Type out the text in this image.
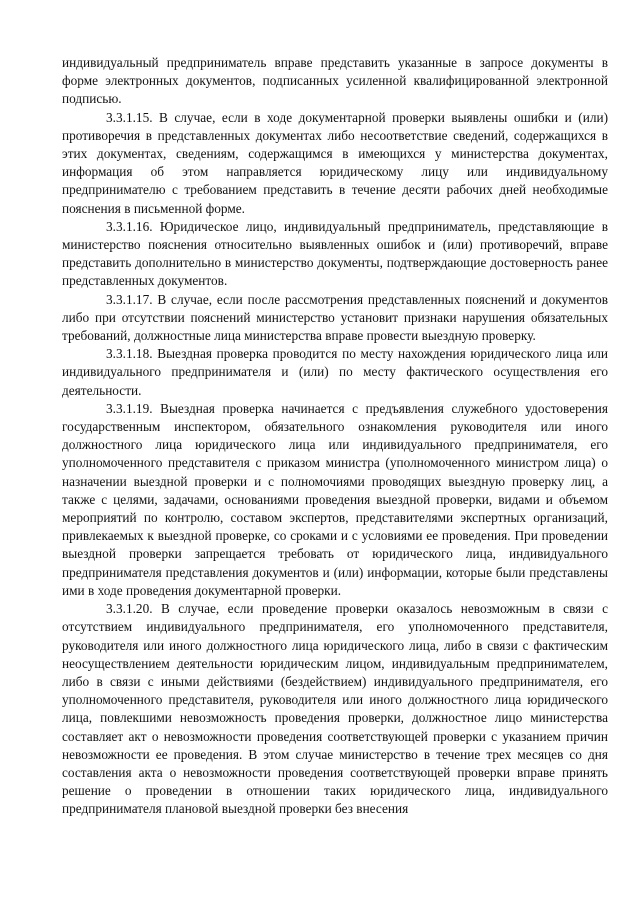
индивидуальный предприниматель вправе представить указанные в запросе документы в форме электронных документов, подписанных усиленной квалифицированной электронной подписью.

3.3.1.15. В случае, если в ходе документарной проверки выявлены ошибки и (или) противоречия в представленных документах либо несоответствие сведений, содержащихся в этих документах, сведениям, содержащимся в имеющихся у министерства документах, информация об этом направляется юридическому лицу или индивидуальному предпринимателю с требованием представить в течение десяти рабочих дней необходимые пояснения в письменной форме.

3.3.1.16. Юридическое лицо, индивидуальный предприниматель, представляющие в министерство пояснения относительно выявленных ошибок и (или) противоречий, вправе представить дополнительно в министерство документы, подтверждающие достоверность ранее представленных документов.

3.3.1.17. В случае, если после рассмотрения представленных пояснений и документов либо при отсутствии пояснений министерство установит признаки нарушения обязательных требований, должностные лица министерства вправе провести выездную проверку.

3.3.1.18. Выездная проверка проводится по месту нахождения юридического лица или индивидуального предпринимателя и (или) по месту фактического осуществления его деятельности.

3.3.1.19. Выездная проверка начинается с предъявления служебного удостоверения государственным инспектором, обязательного ознакомления руководителя или иного должностного лица юридического лица или индивидуального предпринимателя, его уполномоченного представителя с приказом министра (уполномоченного министром лица) о назначении выездной проверки и с полномочиями проводящих выездную проверку лиц, а также с целями, задачами, основаниями проведения выездной проверки, видами и объемом мероприятий по контролю, составом экспертов, представителями экспертных организаций, привлекаемых к выездной проверке, со сроками и с условиями ее проведения. При проведении выездной проверки запрещается требовать от юридического лица, индивидуального предпринимателя представления документов и (или) информации, которые были представлены ими в ходе проведения документарной проверки.

3.3.1.20. В случае, если проведение проверки оказалось невозможным в связи с отсутствием индивидуального предпринимателя, его уполномоченного представителя, руководителя или иного должностного лица юридического лица, либо в связи с фактическим неосуществлением деятельности юридическим лицом, индивидуальным предпринимателем, либо в связи с иными действиями (бездействием) индивидуального предпринимателя, его уполномоченного представителя, руководителя или иного должностного лица юридического лица, повлекшими невозможность проведения проверки, должностное лицо министерства составляет акт о невозможности проведения соответствующей проверки с указанием причин невозможности ее проведения. В этом случае министерство в течение трех месяцев со дня составления акта о невозможности проведения соответствующей проверки вправе принять решение о проведении в отношении таких юридического лица, индивидуального предпринимателя плановой выездной проверки без внесения
